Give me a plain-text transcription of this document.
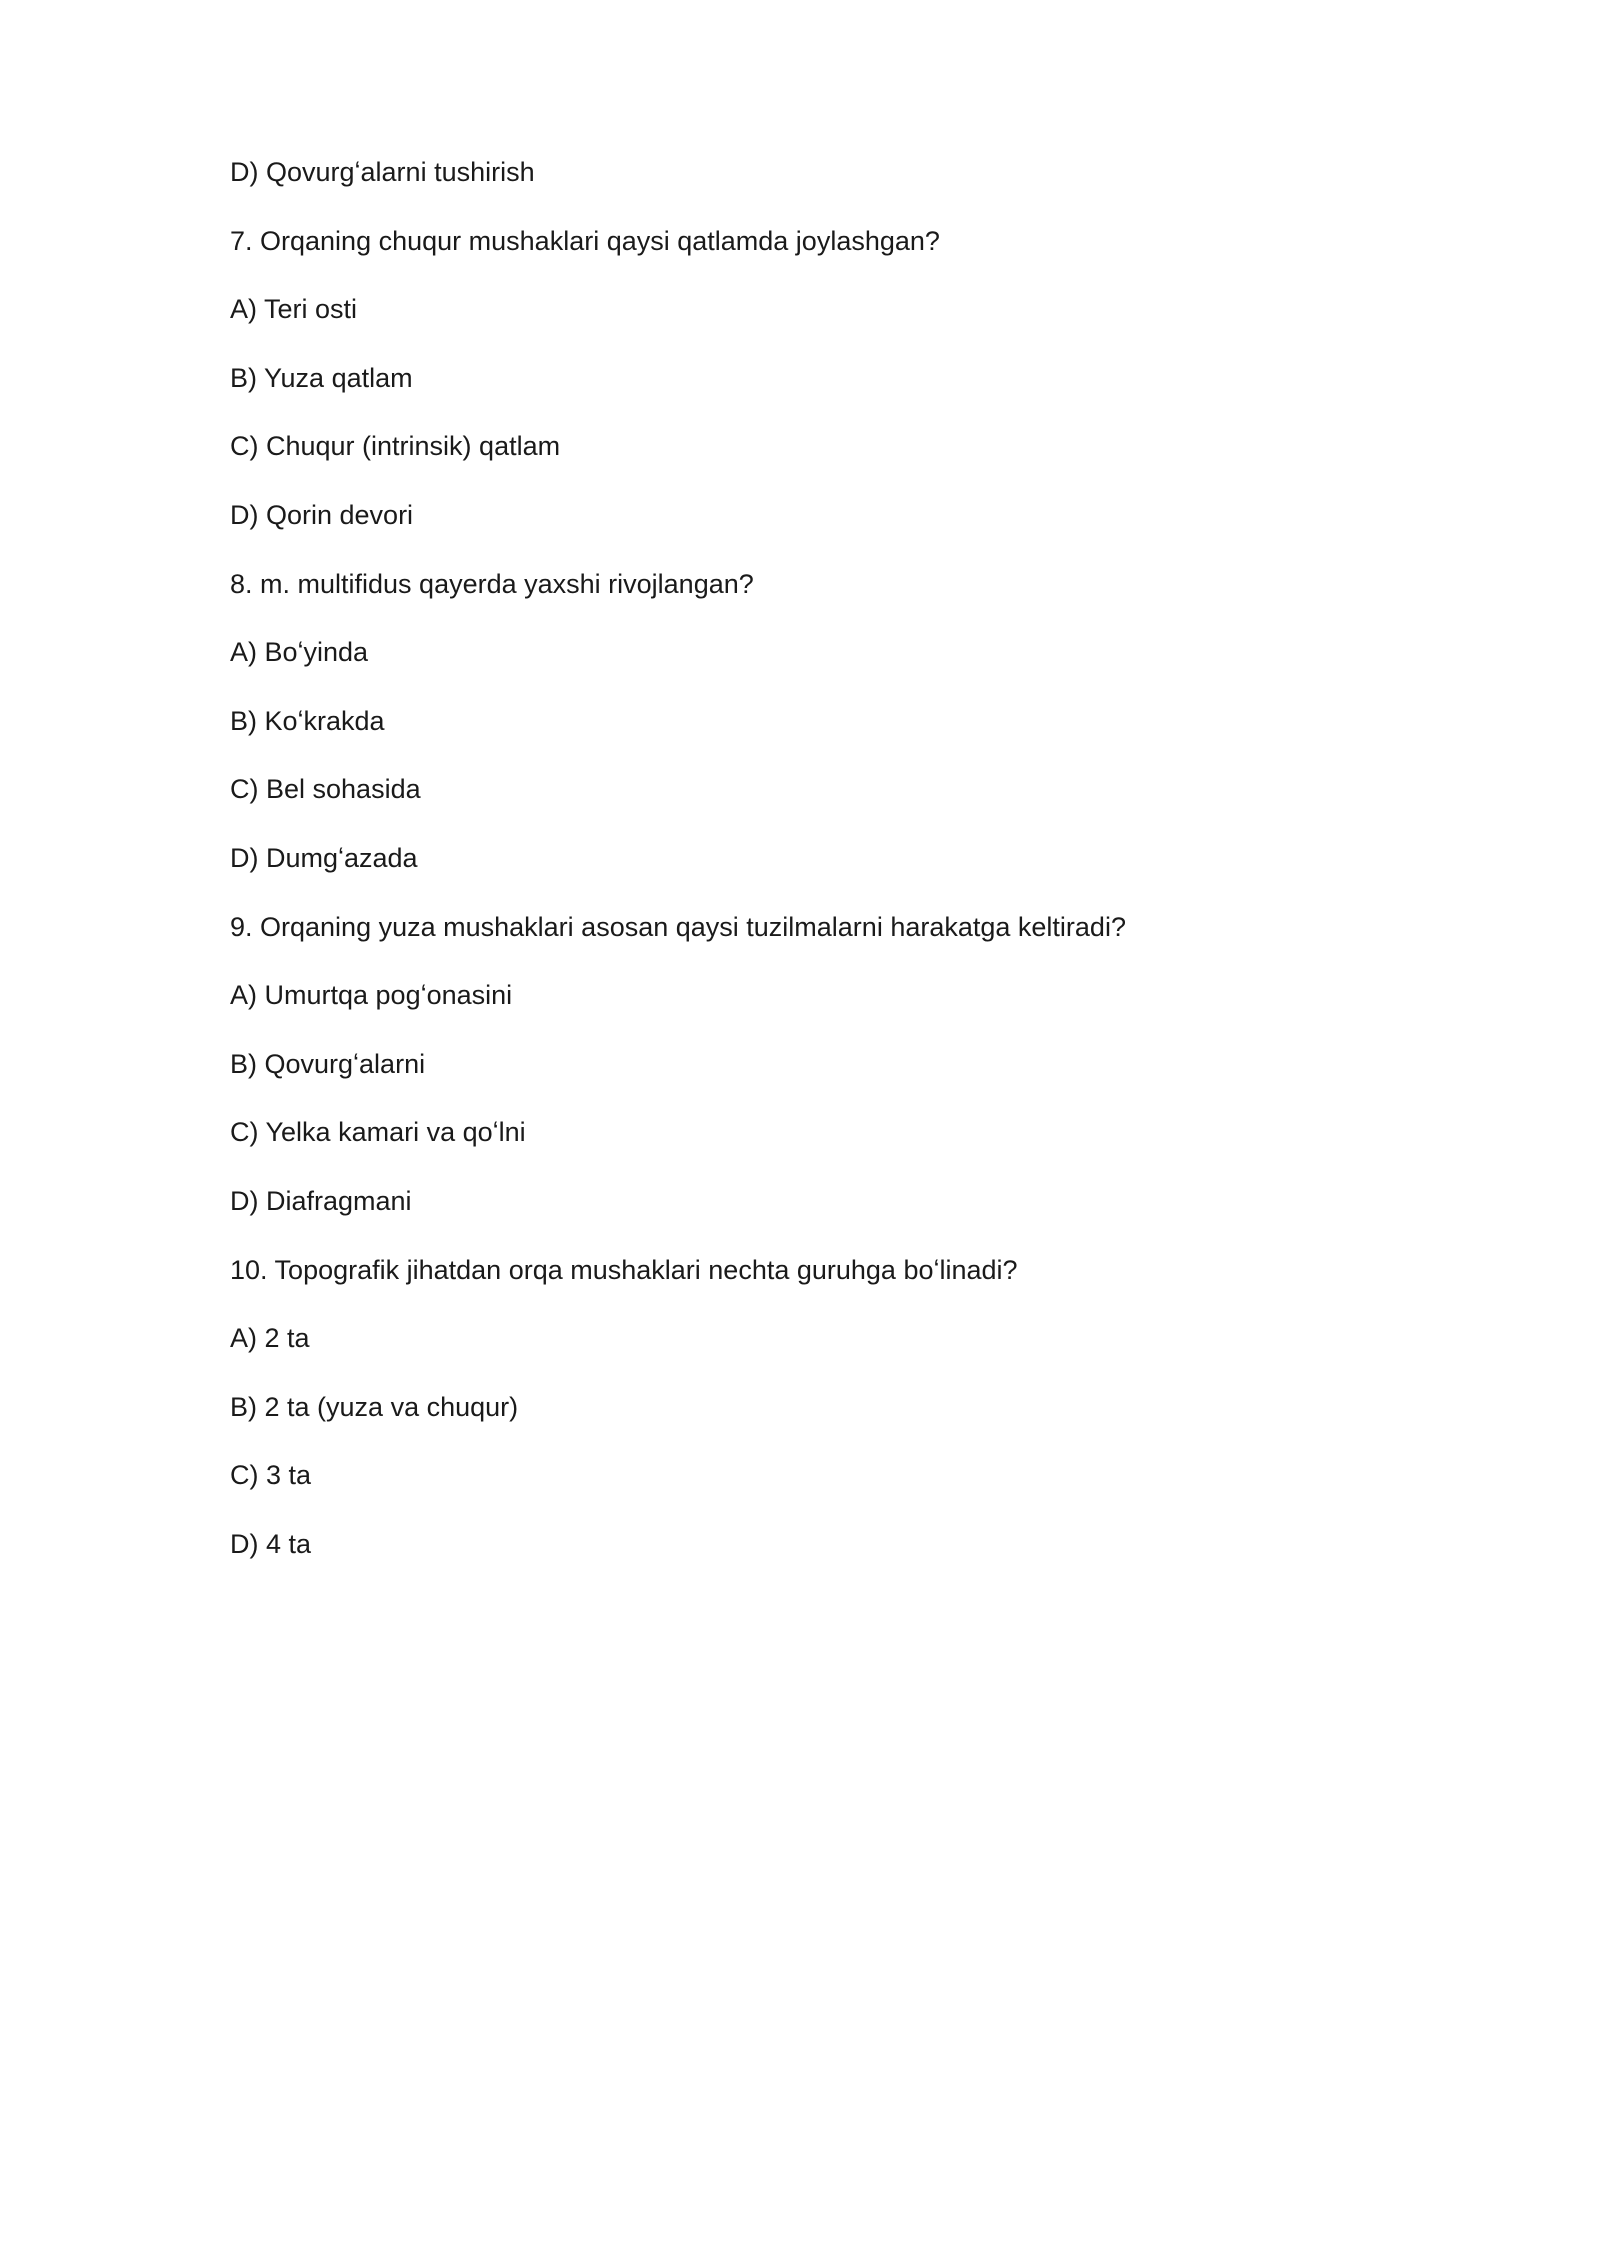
D) Qovurgʻalarni tushirish

7. Orqaning chuqur mushaklari qaysi qatlamda joylashgan?

A) Teri osti

B) Yuza qatlam

C) Chuqur (intrinsik) qatlam

D) Qorin devori

8. m. multifidus qayerda yaxshi rivojlangan?

A) Boʻyinda

B) Koʻkrakda

C) Bel sohasida

D) Dumgʻazada

9. Orqaning yuza mushaklari asosan qaysi tuzilmalarni harakatga keltiradi?

A) Umurtqa pogʻonasini

B) Qovurgʻalarni

C) Yelka kamari va qoʻlni

D) Diafragmani

10. Topografik jihatdan orqa mushaklari nechta guruhga boʻlinadi?

A) 2 ta

B) 2 ta (yuza va chuqur)

C) 3 ta

D) 4 ta
